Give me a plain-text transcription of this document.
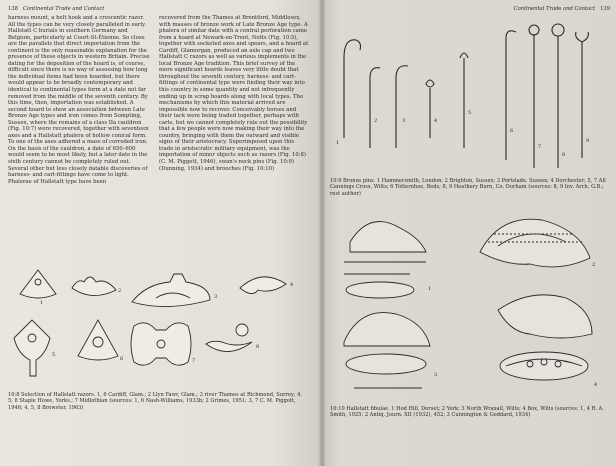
138 Continental Trade and Contact

harness mount, a belt hook and a crescentic razor. All the types can be very closely paralleled in early Hallstatt C burials in southern Germany and Belgium, particularly at Court-St-Étienne. So close are the parallels that direct importation from the continent is the only reasonable explanation for the presence of these objects in western Britain. Precise dating for the deposition of the hoard is, of course, difficult since there is no way of assessing how long the individual items had been hoarded, but there would appear to be broadly contemporary and identical to continental types form at a date not far removed from the middle of the seventh century. By this time, then, importation was established. A second hoard to show an association between Late Bronze Age types and iron comes from Sompting, Sussex, where the remains of a class IIa cauldron (Fig. 10:7) were recovered, together with seventeen axes and a Hallstatt phalera of hollow conical form. To one of the axes adhered a mass of corroded iron. On the basis of the cauldron, a date of 650–600 would seem to be most likely, but a later date in the sixth century cannot be completely ruled out. Several other but less closely datable discoveries of harness- and cart-fittings have come to light. Phalerae of Hallstatt type have been

recovered from the Thames at Brentford, Middlesex, with masses of bronze work of Late Bronze Age type. A phalera of similar date with a central perforation came from a hoard at Newark-on-Trent, Notts (Fig. 10:5), together with socketed axes and spears, and a hoard at Cardiff, Glamorgan, produced an axle cap and two Hallstatt C razors as well as various implements in the local Bronze Age tradition. This brief survey of the more significant hoards leaves very little doubt that throughout the seventh century, harness- and cart-fittings of continental type were finding their way into this country in some quantity and not infrequently ending up in scrap hoards along with local types. The mechanisms by which this material arrived are impossible now to recover. Conceivably horses and their tack were being traded together, perhaps with carts, but we cannot completely rule out the possibility that a few people were now making their way into the country, bringing with them the outward and visible signs of their aristocracy. Superimposed upon this trade in aristocratic military equipment, was the importation of minor objects such as razors (Fig. 10:8) (C. M. Piggott, 1946), swan's neck pins (Fig. 10:9) (Dunning, 1934) and brooches (Fig. 10:10)

1
2
3
4
5
6	7
8
10:8 Selection of Hallstatt razors. 1, 6 Cardiff, Glam.; 2 Llyn Fawr, Glam.; 3 river Thames at Richmond, Surrey; 4, 5, 8 Staple Howe, Yorks.; 7 Midlothian (sources: 1, 6 Nash-Williams, 1933b; 2 Grimes, 1951; 3, 7 C. M. Piggott, 1946; 4, 5, 8 Brewster, 1963)
Continental Trade and Contact 139
1
2	3	4
5
6
7
8
9
10:9 Bronze pins. 1 Hammersmith, London; 2 Brighton, Sussex; 3 Portslade, Sussex; 4 Dorchester; 5, 7 All Cannings Cross, Wilts; 6 Totternhoe, Beds; 8, 9 Heathery Burn, Co. Durham (sources: 8, 9 Inv. Arch. G.B.; rest author)
1
2
3
4
10:10 Hallstatt fibulae. 1 Hod Hill, Dorset; 2 York; 3 North Wraxall, Wilts; 4 Box, Wilts (sources: 1, 4 R. A. Smith, 1925; 2 Antiq. Journ. XII (1932), 452; 3 Cunnington & Goddard, 1934)
